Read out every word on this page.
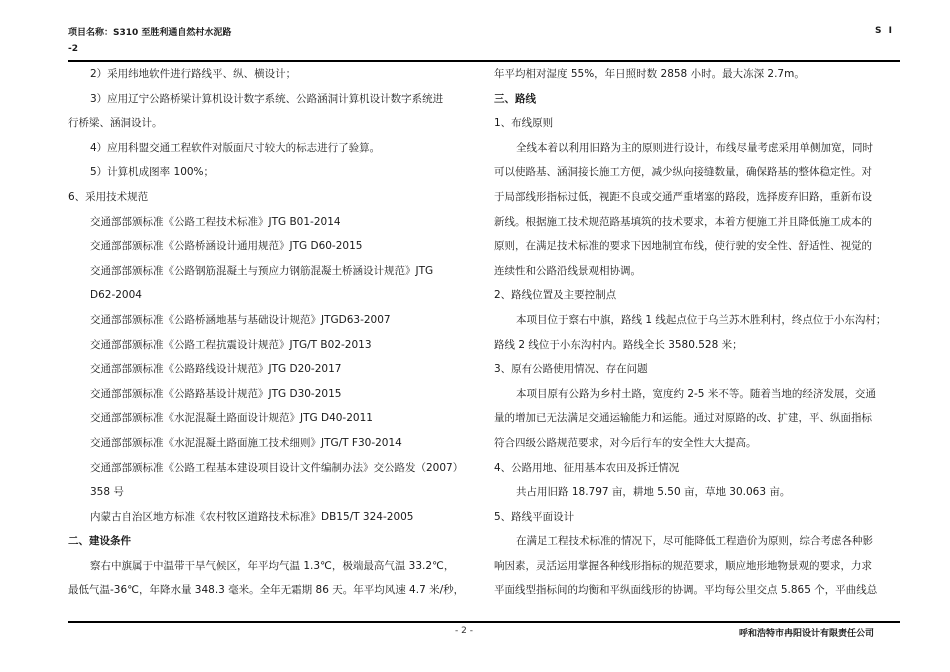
项目名称：S310 至胜利通自然村水泥路
-2
S I
2）采用纬地软件进行路线平、纵、横设计；
3）应用辽宁公路桥梁计算机设计数字系统、公路涵洞计算机设计数字系统进
行桥梁、涵洞设计。
4）应用科盟交通工程软件对版面尺寸较大的标志进行了验算。
5）计算机成图率 100%；
6、采用技术规范
交通部部颁标准《公路工程技术标准》JTG B01-2014
交通部部颁标准《公路桥涵设计通用规范》JTG D60-2015
交通部部颁标准《公路钢筋混凝土与预应力钢筋混凝土桥涵设计规范》JTG
D62-2004
交通部部颁标准《公路桥涵地基与基础设计规范》JTGD63-2007
交通部部颁标准《公路工程抗震设计规范》JTG/T B02-2013
交通部部颁标准《公路路线设计规范》JTG D20-2017
交通部部颁标准《公路路基设计规范》JTG D30-2015
交通部部颁标准《水泥混凝土路面设计规范》JTG D40-2011
交通部部颁标准《水泥混凝土路面施工技术细则》JTG/T F30-2014
交通部部颁标准《公路工程基本建设项目设计文件编制办法》交公路发（2007）
358 号
内蒙古自治区地方标准《农村牧区道路技术标准》DB15/T 324-2005
二、建设条件
察右中旗属于中温带干旱气候区，年平均气温 1.3℃，极端最高气温 33.2℃，
最低气温-36℃，年降水量 348.3 毫米。全年无霜期 86 天。年平均风速 4.7 米/秒，
年平均相对湿度 55%，年日照时数 2858 小时。最大冻深 2.7m。
三、路线
1、布线原则
全线本着以利用旧路为主的原则进行设计，布线尽量考虑采用单侧加宽，同时
可以使路基、涵洞接长施工方便，减少纵向接缝数量，确保路基的整体稳定性。对
于局部线形指标过低，视距不良或交通严重堵塞的路段，选择废弃旧路，重新布设
新线。根据施工技术规范路基填筑的技术要求，本着方便施工并且降低施工成本的
原则，在满足技术标准的要求下因地制宜布线，使行驶的安全性、舒适性、视觉的
连续性和公路沿线景观相协调。
2、路线位置及主要控制点
本项目位于察右中旗，路线 1 线起点位于乌兰苏木胜利村，终点位于小东沟村；
路线 2 线位于小东沟村内。路线全长 3580.528 米；
3、原有公路使用情况、存在问题
本项目原有公路为乡村土路，宽度约 2-5 米不等。随着当地的经济发展，交通
量的增加已无法满足交通运输能力和运能。通过对原路的改、扩建，平、纵面指标
符合四级公路规范要求，对今后行车的安全性大大提高。
4、公路用地、征用基本农田及拆迁情况
共占用旧路 18.797 亩，耕地 5.50 亩，草地 30.063 亩。
5、路线平面设计
在满足工程技术标准的情况下，尽可能降低工程造价为原则，综合考虑各种影
响因素，灵活运用掌握各种线形指标的规范要求，顺应地形地物景观的要求，力求
平面线型指标间的均衡和平纵面线形的协调。平均每公里交点 5.865 个，平曲线总
- 2 -	呼和浩特市冉阳设计有限责任公司
